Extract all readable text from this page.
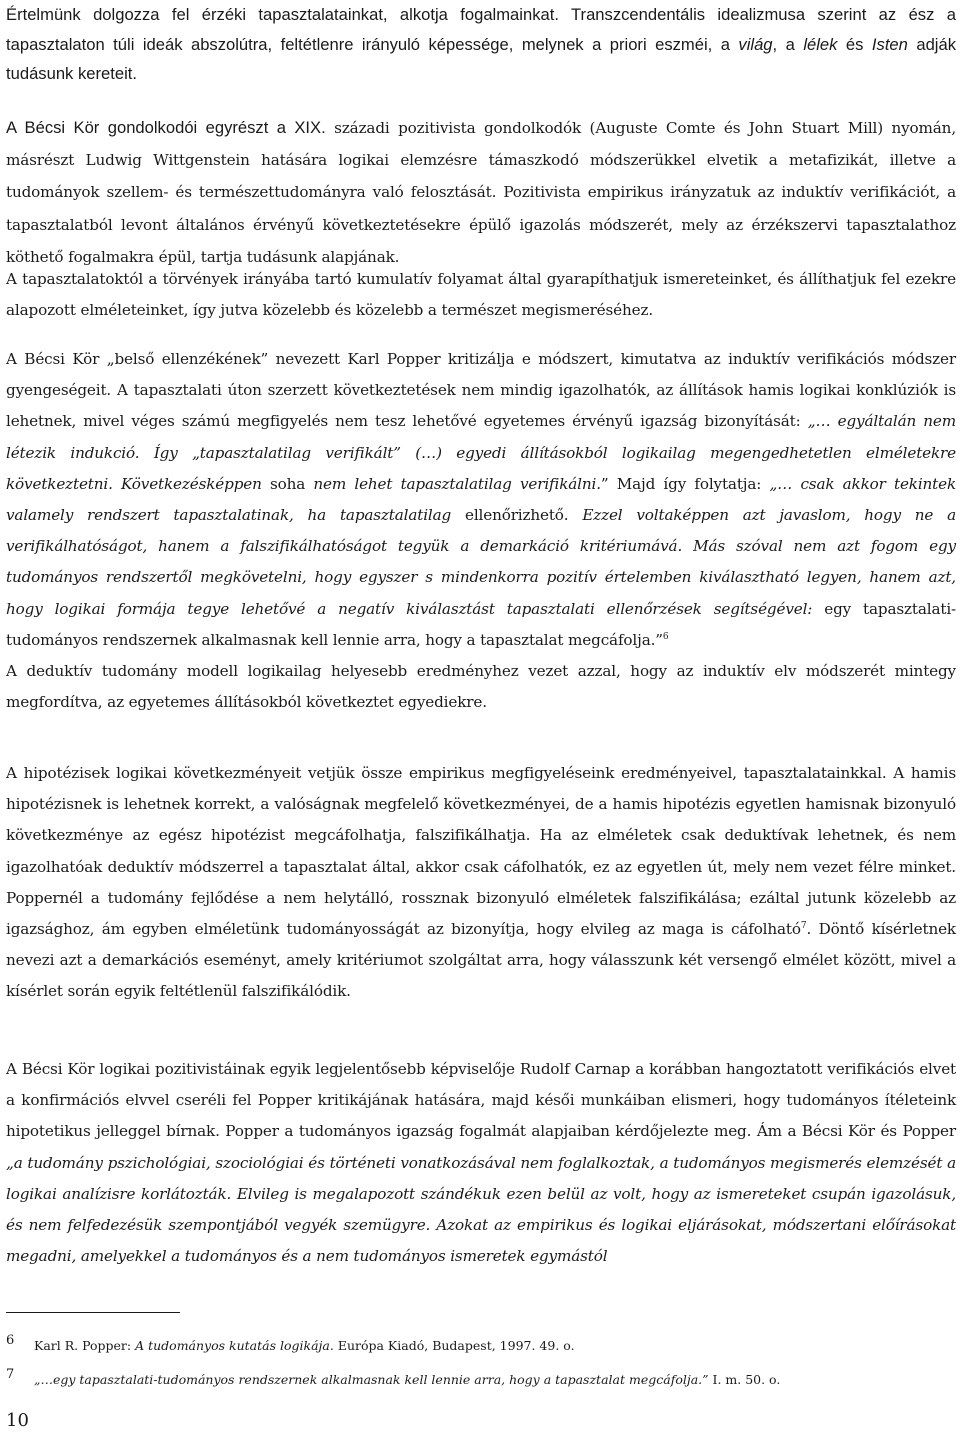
Értelmünk dolgozza fel érzéki tapasztalatainkat, alkotja fogalmainkat. Transzcendentális idealizmusa szerint az ész a tapasztalaton túli ideák abszolútra, feltétlenre irányuló képessége, melynek a priori eszméi, a világ, a lélek és Isten adják tudásunk kereteit.

A Bécsi Kör gondolkodói egyrészt a XIX. századi pozitivista gondolkodók (Auguste Comte és John Stuart Mill) nyomán, másrészt Ludwig Wittgenstein hatására logikai elemzésre támaszkodó módszerükkel elvetik a metafizikát, illetve a tudományok szellem- és természettudományra való felosztását. Pozitivista empirikus irányzatuk az induktív verifikációt, a tapasztalatból levont általános érvényű következtetésekre épülő igazolás módszerét, mely az érzékszervi tapasztalathoz köthető fogalmakra épül, tartja tudásunk alapjának.

A tapasztalatoktól a törvények irányába tartó kumulatív folyamat által gyarapíthatjuk ismereteinket, és állíthatjuk fel ezekre alapozott elméleteinket, így jutva közelebb és közelebb a természet megismeréséhez.

A Bécsi Kör „belső ellenzékének” nevezett Karl Popper kritizálja e módszert, kimutatva az induktív verifikációs módszer gyengeségeit. A tapasztalati úton szerzett következtetések nem mindig igazolhatók, az állítások hamis logikai konklúziók is lehetnek, mivel véges számú megfigyelés nem tesz lehetővé egyetemes érvényű igazság bizonyítását: „… egyáltalán nem létezik indukció. Így „tapasztalatilag verifikált” (…) egyedi állításokból logikailag megengedhetetlen elméletekre következtetni. Következésképpen soha nem lehet tapasztalatilag verifikálni.” Majd így folytatja: „… csak akkor tekintek valamely rendszert tapasztalatinak, ha tapasztalatilag ellenőrizhető. Ezzel voltaképpen azt javaslom, hogy ne a verifikálhatóságot, hanem a falszifikálhatóságot tegyük a demarkáció kritériumává. Más szóval nem azt fogom egy tudományos rendszertől megkövetelni, hogy egyszer s mindenkorra pozitív értelemben kiválasztható legyen, hanem azt, hogy logikai formája tegye lehetővé a negatív kiválasztást tapasztalati ellenőrzések segítségével: egy tapasztalati-tudományos rendszernek alkalmasnak kell lennie arra, hogy a tapasztalat megcáfolja.”$^6$

A deduktív tudomány modell logikailag helyesebb eredményhez vezet azzal, hogy az induktív elv módszerét mintegy megfordítva, az egyetemes állításokból következtet egyediekre.

A hipotézisek logikai következményeit vetjük össze empirikus megfigyeléseink eredményeivel, tapasztalatainkkal. A hamis hipotézisnek is lehetnek korrekt, a valóságnak megfelelő következményei, de a hamis hipotézis egyetlen hamisnak bizonyuló következménye az egész hipotézist megcáfolhatja, falszifikálhatja. Ha az elméletek csak deduktívak lehetnek, és nem igazolhatóak deduktív módszerrel a tapasztalat által, akkor csak cáfolhatók, ez az egyetlen út, mely nem vezet félre minket. Poppernél a tudomány fejlődése a nem helytálló, rossznak bizonyuló elméletek falszifikálása; ezáltal jutunk közelebb az igazsághoz, ám egyben elméletünk tudományosságát az bizonyítja, hogy elvileg az maga is cáfolható$^7$. Döntő kísérletnek nevezi azt a demarkációs eseményt, amely kritériumot szolgáltat arra, hogy válasszunk két versengő elmélet között, mivel a kísérlet során egyik feltétlenül falszifikálódik.

A Bécsi Kör logikai pozitivistáinak egyik legjelentősebb képviselője Rudolf Carnap a korábban hangoztatott verifikációs elvet a konfirmációs elvvel cseréli fel Popper kritikájának hatására, majd késői munkáiban elismeri, hogy tudományos ítéleteink hipotetikus jelleggel bírnak. Popper a tudományos igazság fogalmát alapjaiban kérdőjelezte meg. Ám a Bécsi Kör és Popper „a tudomány pszichológiai, szociológiai és történeti vonatkozásával nem foglalkoztak, a tudományos megismerés elemzését a logikai analízisre korlátozták. Elvileg is megalapozott szándékuk ezen belül az volt, hogy az ismereteket csupán igazolásuk, és nem felfedezésük szempontjából vegyék szemügyre. Azokat az empirikus és logikai eljárásokat, módszertani előírásokat megadni, amelyekkel a tudományos és a nem tudományos ismeretek egymástól

6 Karl R. Popper: A tudományos kutatás logikája. Európa Kiadó, Budapest, 1997. 49. o.
7 „…egy tapasztalati-tudományos rendszernek alkalmasnak kell lennie arra, hogy a tapasztalat megcáfolja.” I. m. 50. o.
10
